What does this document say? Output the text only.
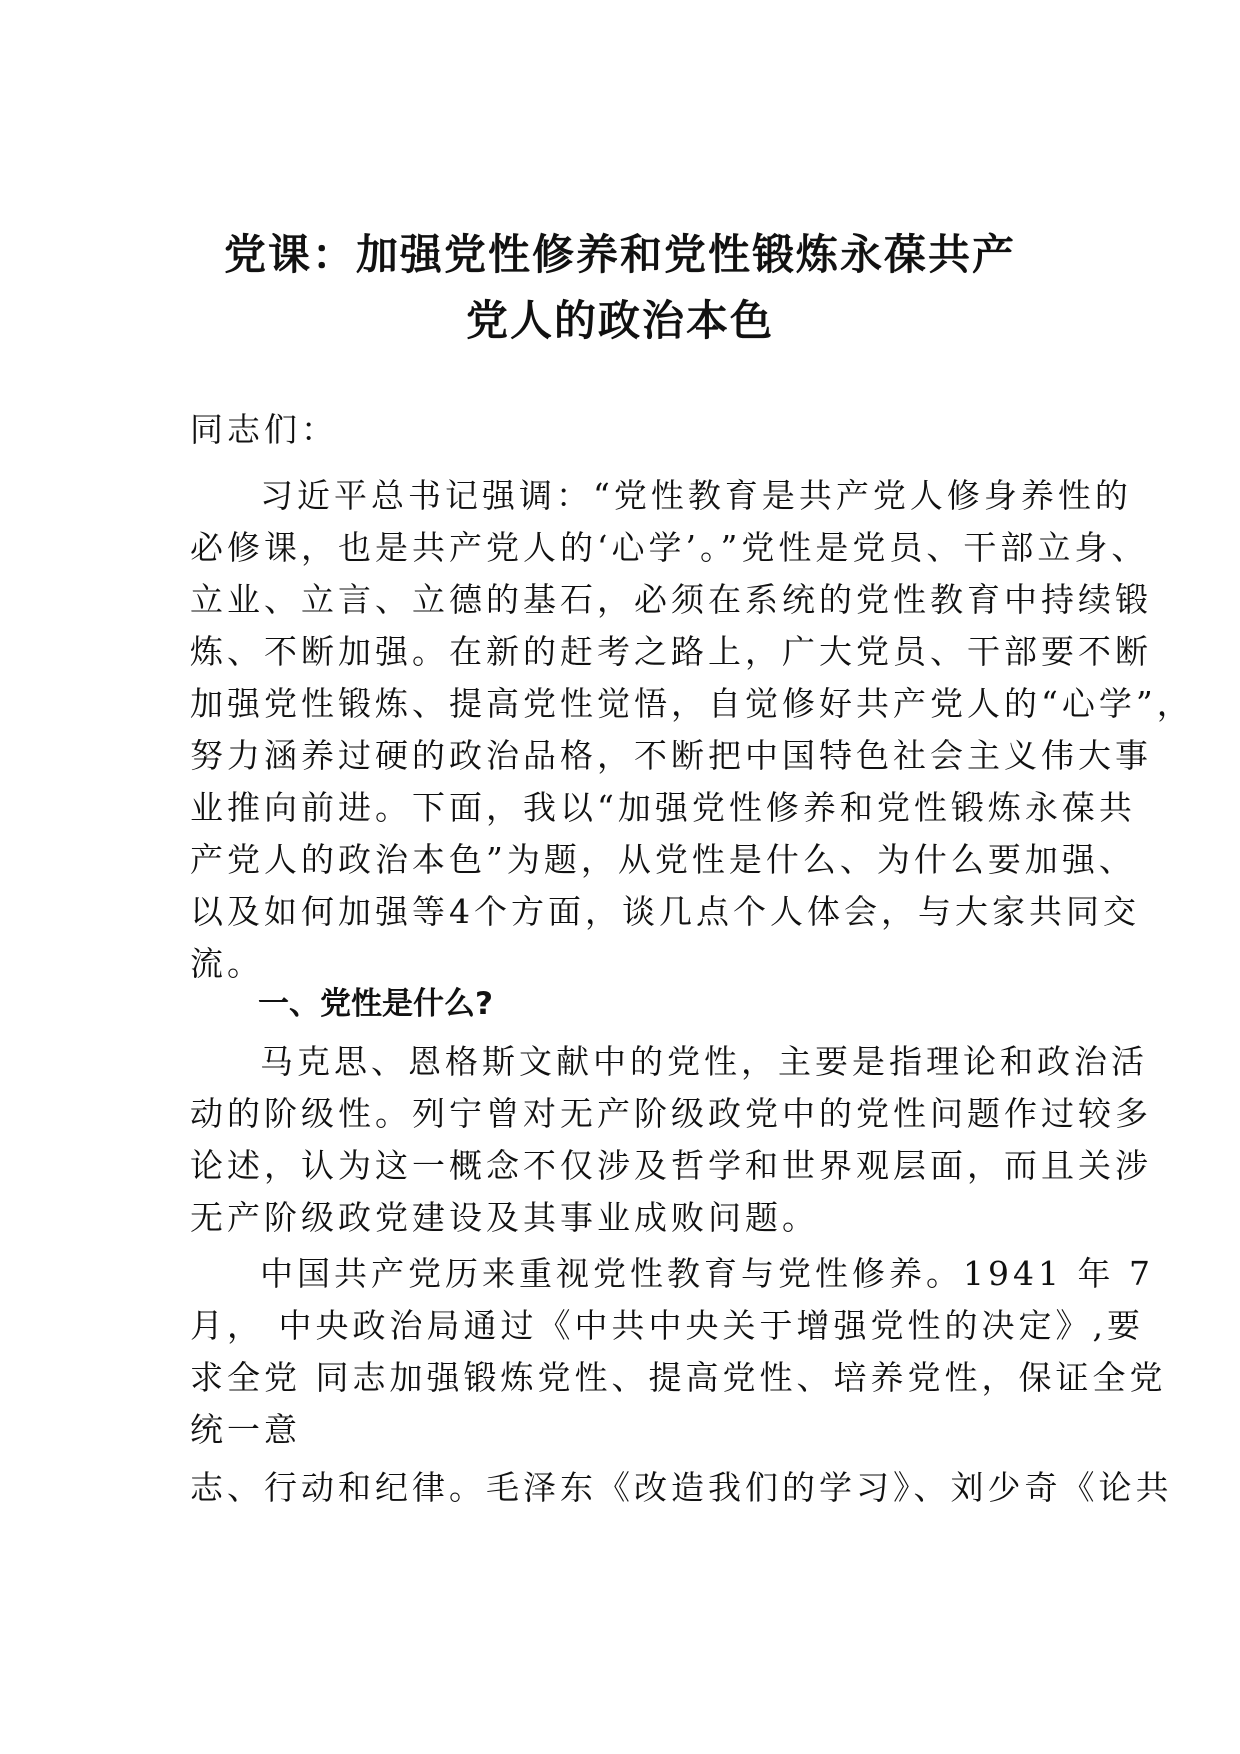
党课：加强党性修养和党性锻炼永葆共产
党人的政治本色

同志们：

习近平总书记强调：“党性教育是共产党人修身养性的
必修课，也是共产党人的‘心学’。”党性是党员、干部立身、
立业、立言、立德的基石，必须在系统的党性教育中持续锻
炼、不断加强。在新的赶考之路上，广大党员、干部要不断
加强党性锻炼、提高党性觉悟，自觉修好共产党人的“心学”，
努力涵养过硬的政治品格，不断把中国特色社会主义伟大事
业推向前进。下面，我以“加强党性修养和党性锻炼永葆共
产党人的政治本色”为题，从党性是什么、为什么要加强、
以及如何加强等4个方面，谈几点个人体会，与大家共同交
流。

一、党性是什么?

马克思、恩格斯文献中的党性，主要是指理论和政治活
动的阶级性。列宁曾对无产阶级政党中的党性问题作过较多
论述，认为这一概念不仅涉及哲学和世界观层面，而且关涉
无产阶级政党建设及其事业成败问题。

中国共产党历来重视党性教育与党性修养。1941 年 7
月， 中央政治局通过《中共中央关于增强党性的决定》,要
求全党 同志加强锻炼党性、提高党性、培养党性，保证全党
统一意
志、行动和纪律。毛泽东《改造我们的学习》、刘少奇《论共
